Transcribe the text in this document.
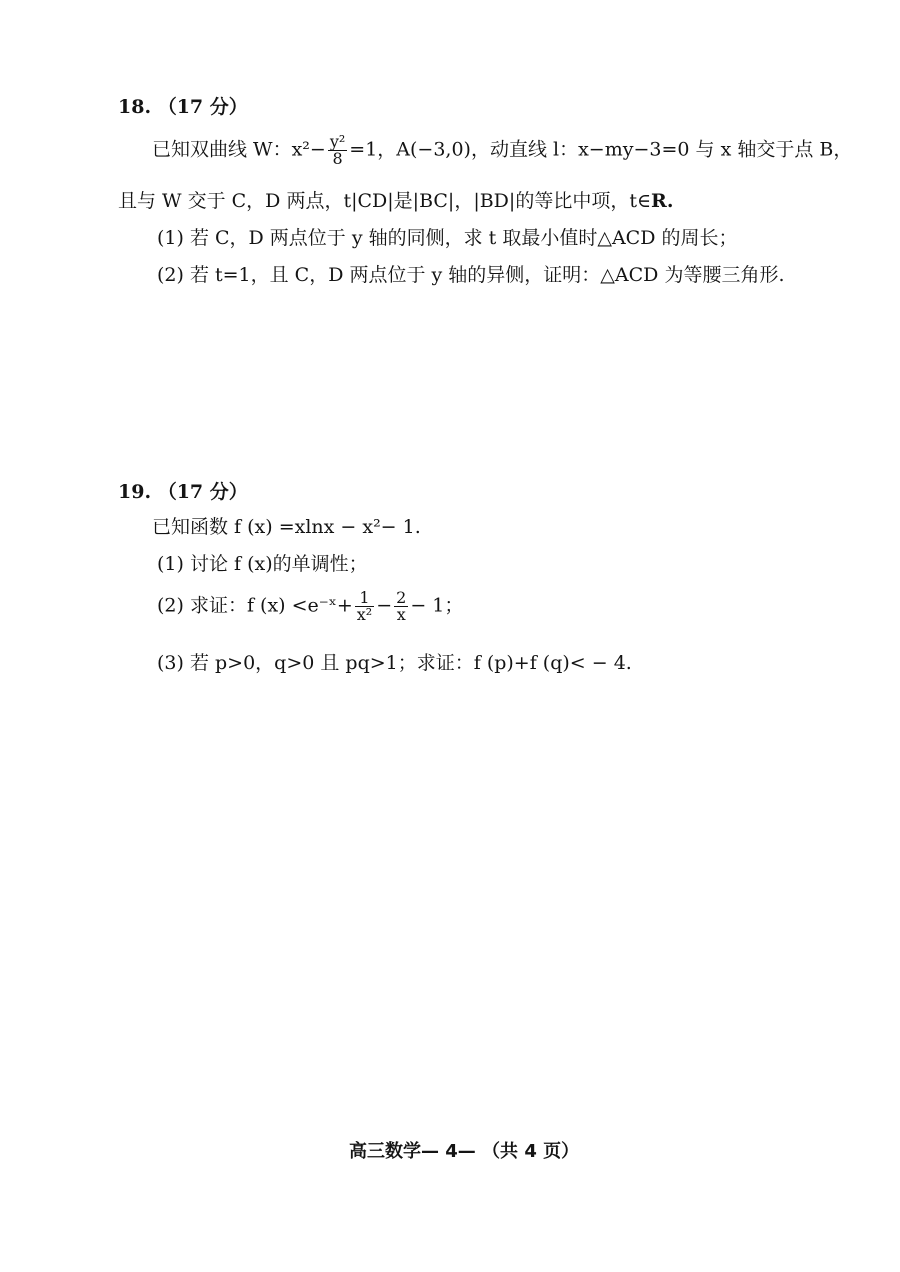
18. （17 分）
已知双曲线 W：$x^2- \frac{\text{y²}}{8} =1$，A(−3,0)，动直线 l：x−my−3=0 与 x 轴交于点 B，
且与 W 交于 C，D 两点，t|CD|是|BC|，|BD|的等比中项，t∈R.
(1) 若 C，D 两点位于 y 轴的同侧，求 t 取最小值时△ACD 的周长；
(2) 若 t=1，且 C，D 两点位于 y 轴的异侧，证明：△ACD 为等腰三角形.
19. （17 分）
已知函数 f (x) =xlnx − x²− 1.
(1) 讨论 f (x)的单调性；
(2) 求证：f (x) <e⁻ˣ+ $\frac{1}{\text{x²}} - \frac{2}{x} - 1$；
(3) 若 p>0，q>0 且 pq>1；求证：f (p)+f (q)< − 4.
高三数学— 4— （共 4 页）
